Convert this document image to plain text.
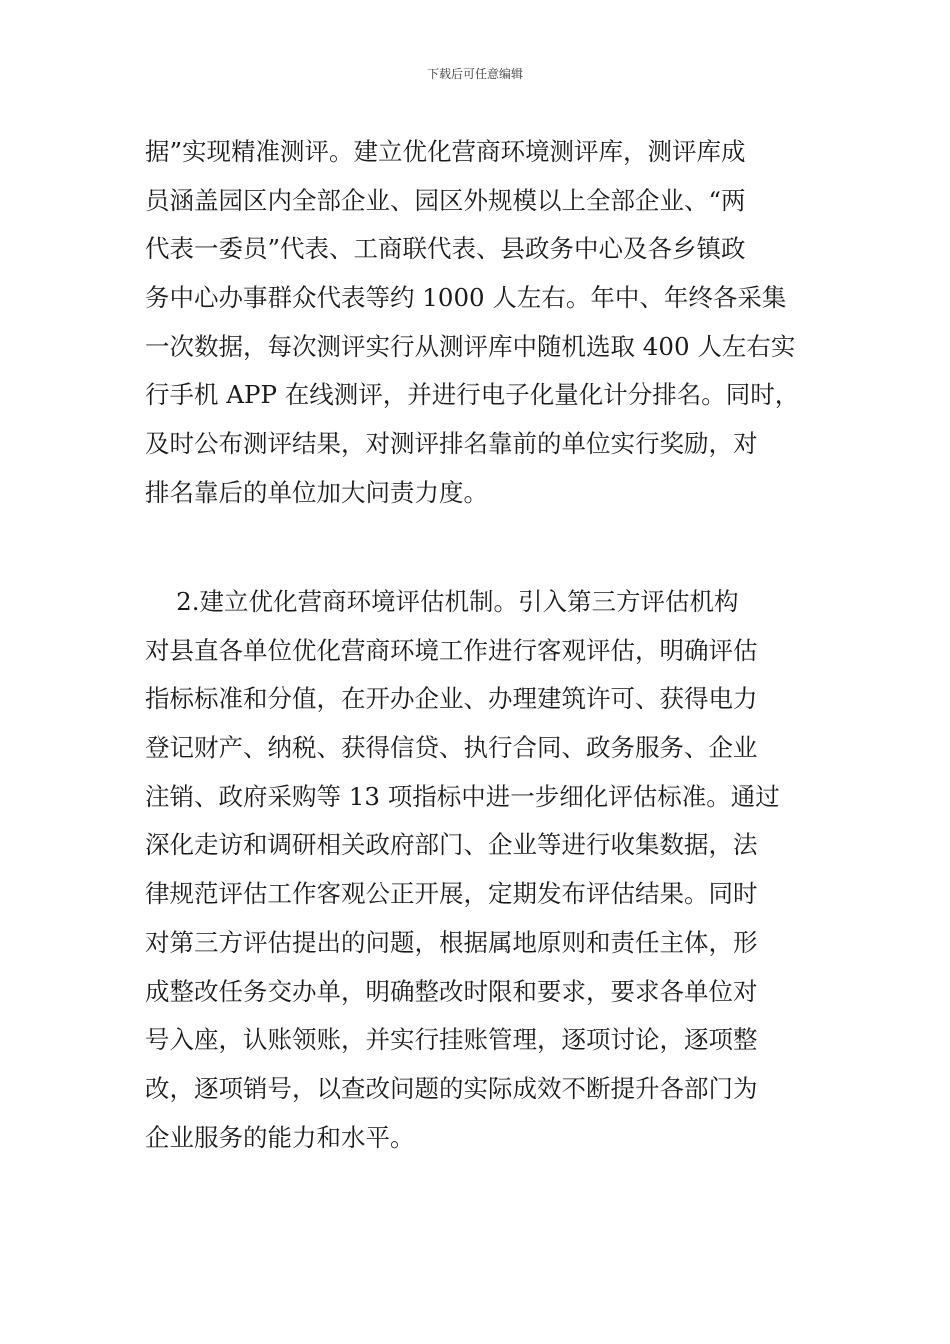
下载后可任意编辑
据”实现精准测评。建立优化营商环境测评库，测评库成
员涵盖园区内全部企业、园区外规模以上全部企业、“两
代表一委员”代表、工商联代表、县政务中心及各乡镇政
务中心办事群众代表等约 1000 人左右。年中、年终各采集
一次数据，每次测评实行从测评库中随机选取 400 人左右实
行手机 APP 在线测评，并进行电子化量化计分排名。同时，
及时公布测评结果，对测评排名靠前的单位实行奖励，对
排名靠后的单位加大问责力度。
2.建立优化营商环境评估机制。引入第三方评估机构
对县直各单位优化营商环境工作进行客观评估，明确评估
指标标准和分值，在开办企业、办理建筑许可、获得电力
登记财产、纳税、获得信贷、执行合同、政务服务、企业
注销、政府采购等 13 项指标中进一步细化评估标准。通过
深化走访和调研相关政府部门、企业等进行收集数据，法
律规范评估工作客观公正开展，定期发布评估结果。同时
对第三方评估提出的问题，根据属地原则和责任主体，形
成整改任务交办单，明确整改时限和要求，要求各单位对
号入座，认账领账，并实行挂账管理，逐项讨论，逐项整
改，逐项销号，以查改问题的实际成效不断提升各部门为
企业服务的能力和水平。
